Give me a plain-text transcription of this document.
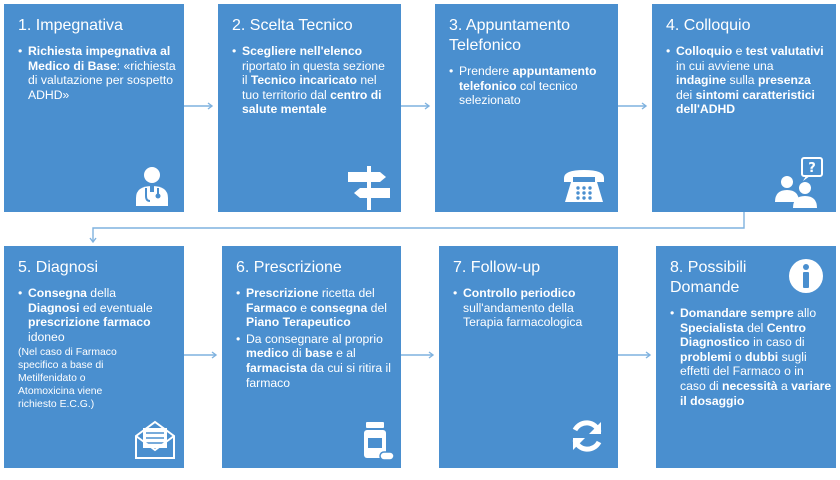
1. Impegnativa
• Richiesta impegnativa al Medico di Base: «richiesta di valutazione per sospetto ADHD»
2. Scelta Tecnico
• Scegliere nell'elenco riportato in questa sezione il Tecnico incaricato nel tuo territorio dal centro di salute mentale
3. Appuntamento Telefonico
• Prendere appuntamento telefonico col tecnico selezionato
4. Colloquio
• Colloquio e test valutativi in cui avviene una indagine sulla presenza dei sintomi caratteristici dell'ADHD
?
5. Diagnosi
• Consegna della Diagnosi ed eventuale prescrizione farmaco idoneo
(Nel caso di Farmaco specifico a base di Metilfenidato o Atomoxicina viene richiesto E.C.G.)
6. Prescrizione
• Prescrizione ricetta del Farmaco e consegna del Piano Terapeutico
• Da consegnare al proprio medico di base e al farmacista da cui si ritira il farmaco
7. Follow-up
• Controllo periodico sull'andamento della Terapia farmacologica
8. Possibili Domande
• Domandare sempre allo Specialista del Centro Diagnostico in caso di problemi o dubbi sugli effetti del Farmaco o in caso di necessità a variare il dosaggio
